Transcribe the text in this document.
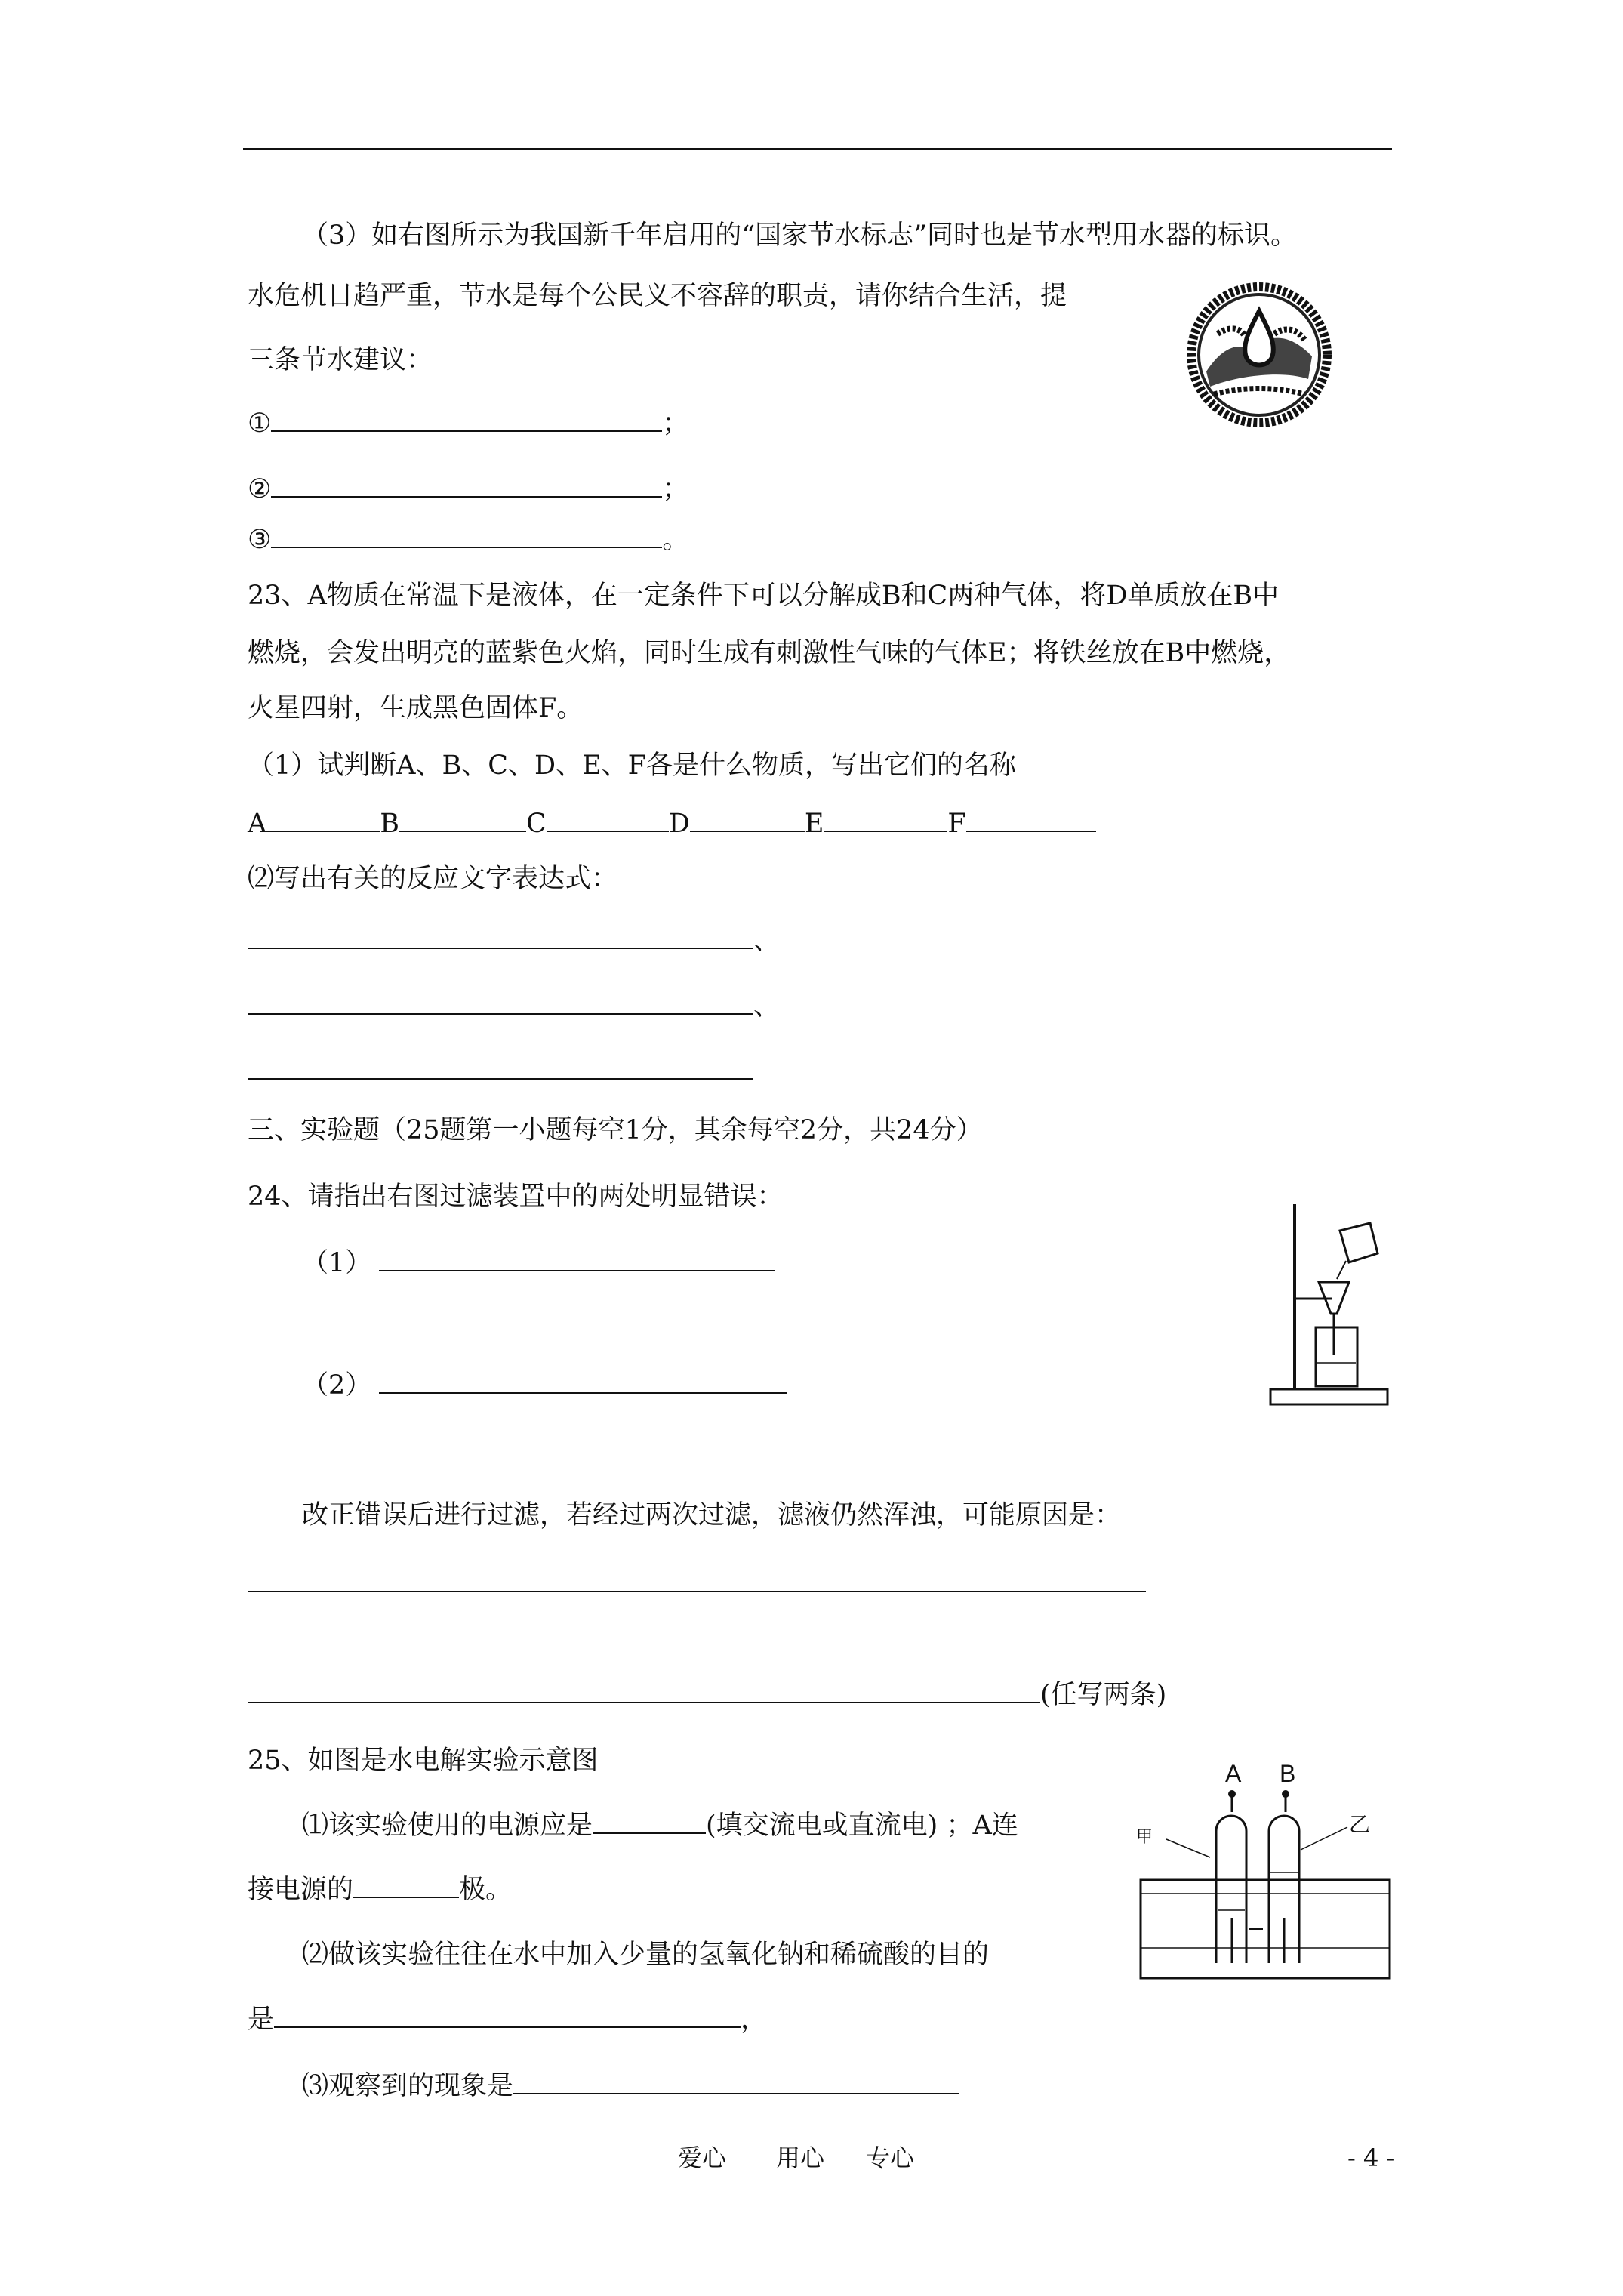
（3）如右图所示为我国新千年启用的“国家节水标志”同时也是节水型用水器的标识。
水危机日趋严重，节水是每个公民义不容辞的职责，请你结合生活，提
三条节水建议：
①	；
②	；
③	。
23、A物质在常温下是液体，在一定条件下可以分解成B和C两种气体，将D单质放在B中
燃烧，会发出明亮的蓝紫色火焰，同时生成有刺激性气味的气体E；将铁丝放在B中燃烧，
火星四射，生成黑色固体F。
（1）试判断A、B、C、D、E、F各是什么物质，写出它们的名称
A	B	C	D	E	F
⑵写出有关的反应文字表达式：
、
、
三、实验题（25题第一小题每空1分，其余每空2分，共24分）
24、请指出右图过滤装置中的两处明显错误：
（1）
（2）
改正错误后进行过滤，若经过两次过滤，滤液仍然浑浊，可能原因是：
(任写两条)
25、如图是水电解实验示意图
⑴该实验使用的电源应是	(填交流电或直流电) ；A连
接电源的	极。
⑵做该实验往往在水中加入少量的氢氧化钠和稀硫酸的目的
是	，
⑶观察到的现象是
A B
甲
乙
爱心 用心 专心	- 4 -
